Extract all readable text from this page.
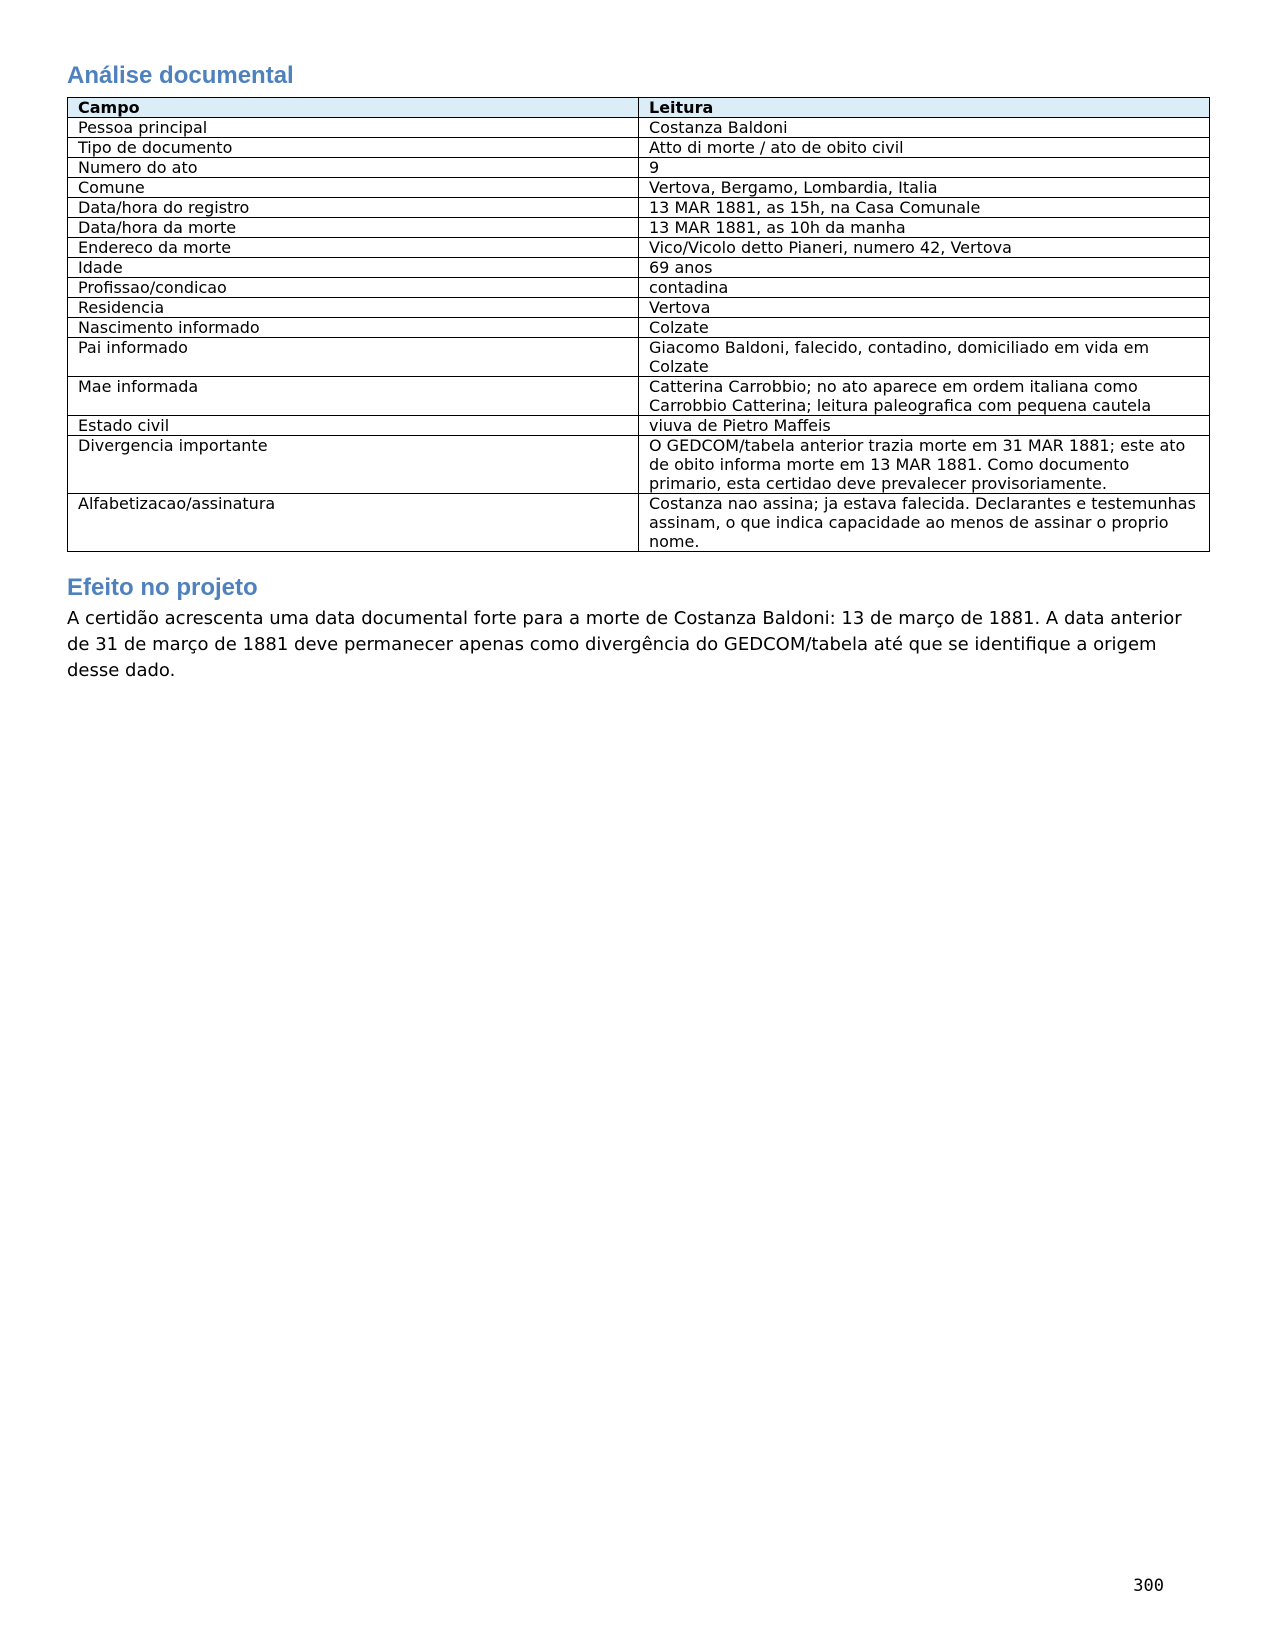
Análise documental
Campo	Leitura
Pessoa principal	Costanza Baldoni
Tipo de documento	Atto di morte / ato de obito civil
Numero do ato	9
Comune	Vertova, Bergamo, Lombardia, Italia
Data/hora do registro	13 MAR 1881, as 15h, na Casa Comunale
Data/hora da morte	13 MAR 1881, as 10h da manha
Endereco da morte	Vico/Vicolo detto Pianeri, numero 42, Vertova
Idade	69 anos
Profissao/condicao	contadina
Residencia	Vertova
Nascimento informado	Colzate
Pai informado	Giacomo Baldoni, falecido, contadino, domiciliado em vida em Colzate
Mae informada	Catterina Carrobbio; no ato aparece em ordem italiana como Carrobbio Catterina; leitura paleografica com pequena cautela
Estado civil	viuva de Pietro Maffeis
Divergencia importante	O GEDCOM/tabela anterior trazia morte em 31 MAR 1881; este ato de obito informa morte em 13 MAR 1881. Como documento primario, esta certidao deve prevalecer provisoriamente.
Alfabetizacao/assinatura	Costanza nao assina; ja estava falecida. Declarantes e testemunhas assinam, o que indica capacidade ao menos de assinar o proprio nome.
Efeito no projeto

A certidão acrescenta uma data documental forte para a morte de Costanza Baldoni: 13 de março de 1881. A data anterior de 31 de março de 1881 deve permanecer apenas como divergência do GEDCOM/tabela até que se identifique a origem desse dado.

300
